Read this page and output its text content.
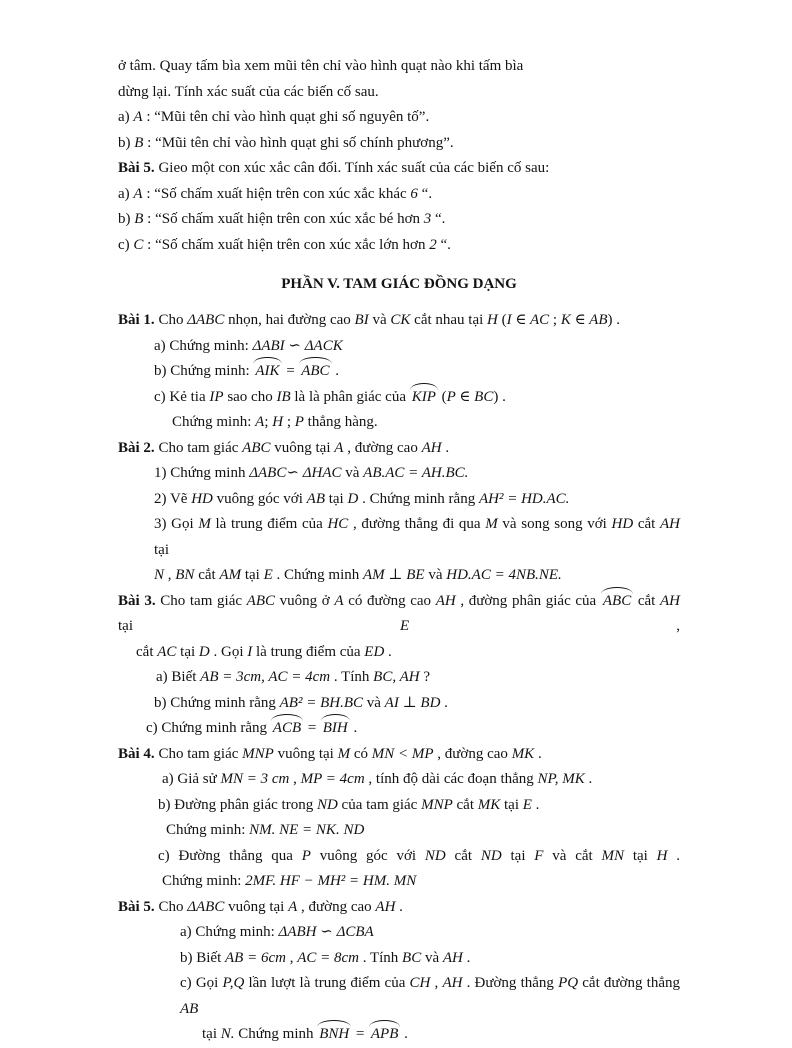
ở tâm. Quay tấm bìa xem mũi tên chỉ vào hình quạt nào khi tấm bìa
dừng lại. Tính xác suất của các biến cố sau.
a) A : “Mũi tên chỉ vào hình quạt ghi số nguyên tố”.
b) B : “Mũi tên chỉ vào hình quạt ghi số chính phương”.
Bài 5. Gieo một con xúc xắc cân đối. Tính xác suất của các biến cố sau:
a) A : “Số chấm xuất hiện trên con xúc xắc khác 6 “.
b) B : “Số chấm xuất hiện trên con xúc xắc bé hơn 3 “.
c) C : “Số chấm xuất hiện trên con xúc xắc lớn hơn 2 “.
PHẦN V. TAM GIÁC ĐỒNG DẠNG
Bài 1. Cho ΔABC nhọn, hai đường cao BI và CK cắt nhau tại H (I ∈ AC ; K ∈ AB) .
a) Chứng minh: ΔABI ∽ ΔACK
b) Chứng minh: AIK = ABC .
c) Kẻ tia IP sao cho IB là là phân giác của KIP (P ∈ BC) .
Chứng minh: A; H ; P thẳng hàng.
Bài 2. Cho tam giác ABC vuông tại A , đường cao AH .
1) Chứng minh ΔABC∽ ΔHAC và AB.AC = AH.BC.
2) Vẽ HD vuông góc với AB tại D . Chứng minh rằng AH² = HD.AC.
3) Gọi M là trung điểm của HC , đường thẳng đi qua M và song song với HD cắt AH tại
N , BN cắt AM tại E . Chứng minh AM ⊥ BE và HD.AC = 4NB.NE.
Bài 3. Cho tam giác ABC vuông ở A có đường cao AH , đường phân giác của ABC cắt AH tại E ,
cắt AC tại D . Gọi I là trung điểm của ED .
a) Biết AB = 3cm, AC = 4cm . Tính BC, AH ?
b) Chứng minh rằng AB² = BH.BC và AI ⊥ BD .
c) Chứng minh rằng ACB = BIH .
Bài 4. Cho tam giác MNP vuông tại M có MN < MP , đường cao MK .
a) Giả sử MN = 3 cm , MP = 4cm , tính độ dài các đoạn thẳng NP, MK .
b) Đường phân giác trong ND của tam giác MNP cắt MK tại E .
Chứng minh: NM. NE = NK. ND
c) Đường thẳng qua P vuông góc với ND cắt ND tại F và cắt MN tại H .
Chứng minh: 2MF. HF − MH² = HM. MN
Bài 5. Cho ΔABC vuông tại A , đường cao AH .
a) Chứng minh: ΔABH ∽ ΔCBA
b) Biết AB = 6cm , AC = 8cm . Tính BC và AH .
c) Gọi P,Q lần lượt là trung điểm của CH , AH . Đường thẳng PQ cắt đường thẳng AB
tại N. Chứng minh BNH = APB .
